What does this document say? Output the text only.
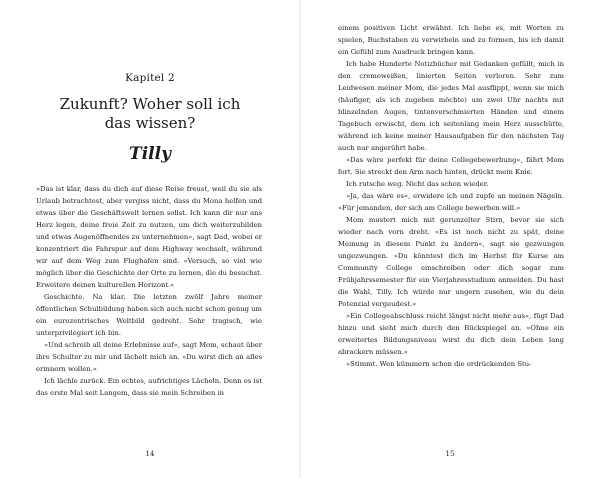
Kapitel 2
Zukunft? Woher soll ich
das wissen?
Tilly

»Das ist klar, dass du dich auf diese Reise freust, weil du sie als Urlaub betrachtest, aber vergiss nicht, dass du Mona helfen und etwas über die Geschäftswelt lernen sollst. Ich kann dir nur ans Herz legen, deine freie Zeit zu nutzen, um dich weiterzubilden und etwas Augenöffnendes zu unternehmen«, sagt Dad, wobei er konzentriert die Fahrspur auf dem Highway wechselt, während wir auf dem Weg zum Flughafen sind. »Versuch, so viel wie möglich über die Geschichte der Orte zu lernen, die du besuchst. Erweitere deinen kulturellen Horizont.«

Geschichte. Na klar. Die letzten zwölf Jahre meiner öffentlichen Schulbildung haben sich auch nicht schon genug um ein eurozentrisches Weltbild gedreht. Sehr tragisch, wie unterprivilegiert ich bin.

»Und schreib all deine Erlebnisse auf«, sagt Mom, schaut über ihre Schulter zu mir und lächelt mich an. »Du wirst dich an alles erinnern wollen.«

Ich lächle zurück. Ein echtes, aufrichtiges Lächeln. Denn es ist das erste Mal seit Langem, dass sie mein Schreiben in

14

einem positiven Licht erwähnt. Ich liebe es, mit Worten zu spielen, Buchstaben zu verwirbeln und zu formen, bis ich damit ein Gefühl zum Ausdruck bringen kann.

Ich habe Hunderte Notizbücher mit Gedanken gefüllt, mich in den cremeweißen, linierten Seiten verloren. Sehr zum Leidwesen meiner Mom, die jedes Mal ausflippt, wenn sie mich (häufiger, als ich zugeben möchte) um zwei Uhr nachts mit blinzelnden Augen, tintenverschmierten Händen und einem Tagebuch erwischt, dem ich seitenlang mein Herz ausschütte, während ich keine meiner Hausaufgaben für den nächsten Tag auch nur angerührt habe.

»Das wäre perfekt für deine Collegebewerbung«, fährt Mom fort. Sie streckt den Arm nach hinten, drückt mein Knie.

Ich rutsche weg. Nicht das schon wieder.

»Ja, das wäre es«, erwidere ich und zupfe an meinen Nägeln. »Für jemanden, der sich am College bewerben will.«

Mom mustert mich mit gerunzelter Stirn, bevor sie sich wieder nach vorn dreht. »Es ist noch nicht zu spät, deine Meinung in diesem Punkt zu ändern«, sagt sie gezwungen ungezwungen. »Du könntest dich im Herbst für Kurse am Community College einschreiben oder dich sogar zum Frühjahrssemester für ein Vierjahresstudium anmelden. Du hast die Wahl, Tilly. Ich würde nur ungern zusehen, wie du dein Potenzial vergeudest.«

»Ein Collegeabschluss reicht längst nicht mehr aus«, fügt Dad hinzu und sieht mich durch den Rückspiegel an. »Ohne ein erweitertes Bildungsniveau wirst du dich dein Leben lang abrackern müssen.«

»Stimmt. Wen kümmern schon die erdrückenden Stu-

15
